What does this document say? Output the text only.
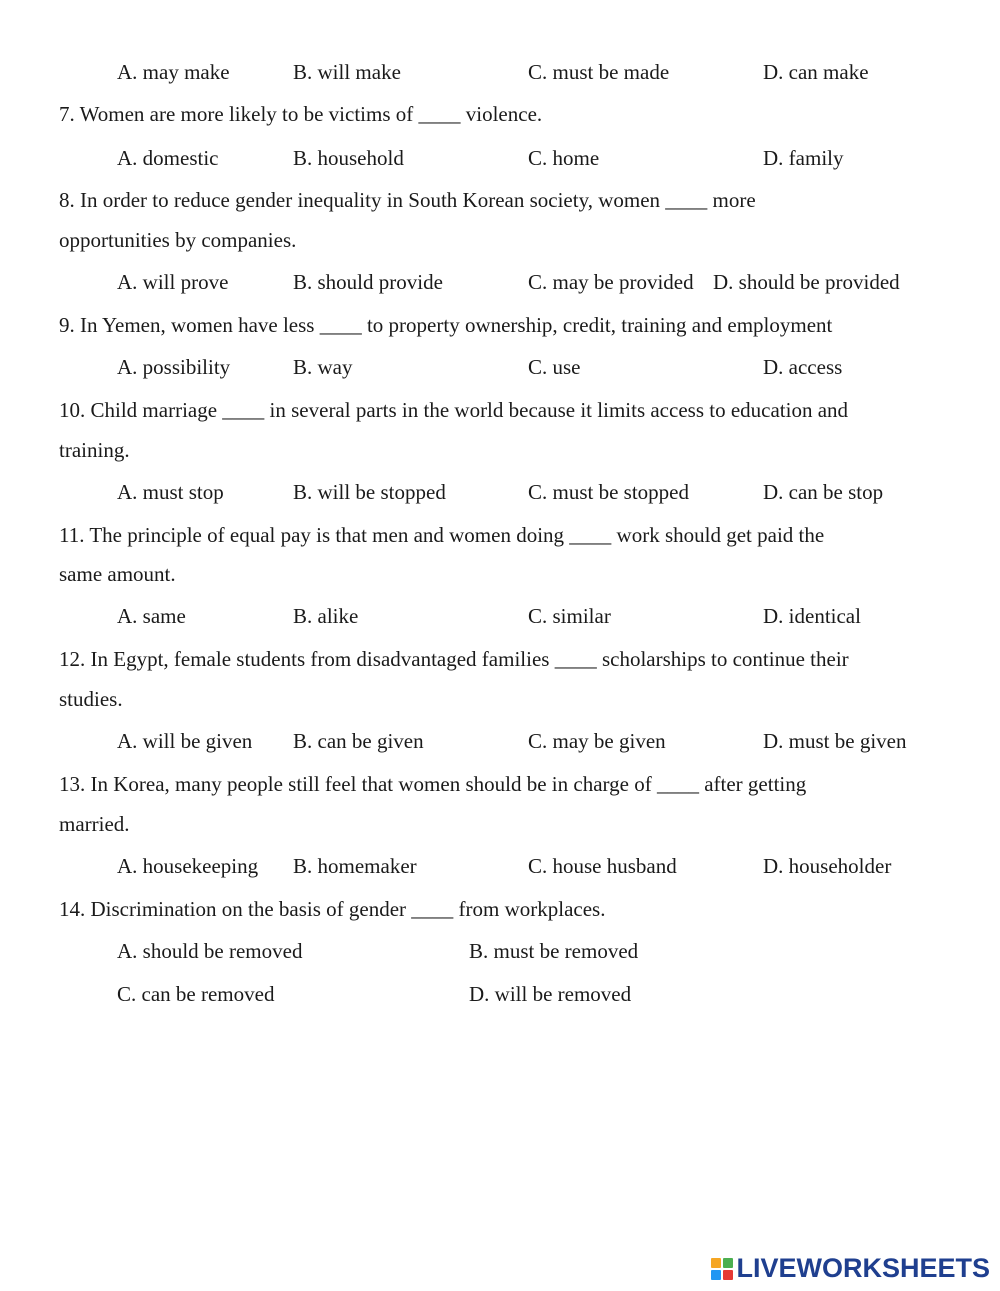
A. may make	B. will make	C. must be made	D. can make
7. Women are more likely to be victims of ____ violence.
A. domestic	B. household	C. home	D. family
8. In order to reduce gender inequality in South Korean society, women ____ more
opportunities by companies.
A. will prove	B. should provide	C. may be provided D. should be provided
9. In Yemen, women have less ____ to property ownership, credit, training and employment
A. possibility	B. way	C. use	D. access
10. Child marriage ____ in several parts in the world because it limits access to education and
training.
A. must stop	B. will be stopped	C. must be stopped	D. can be stop
11. The principle of equal pay is that men and women doing ____ work should get paid the
same amount.
A. same	B. alike	C. similar	D. identical
12. In Egypt, female students from disadvantaged families ____ scholarships to continue their
studies.
A. will be given B. can be given	C. may be given	D. must be given
13. In Korea, many people still feel that women should be in charge of ____ after getting
married.
A. housekeeping B. homemaker	C. house husband	D. householder
14. Discrimination on the basis of gender ____ from workplaces.
A. should be removed	B. must be removed
C. can be removed	D. will be removed
LIVEWORKSHEETS
